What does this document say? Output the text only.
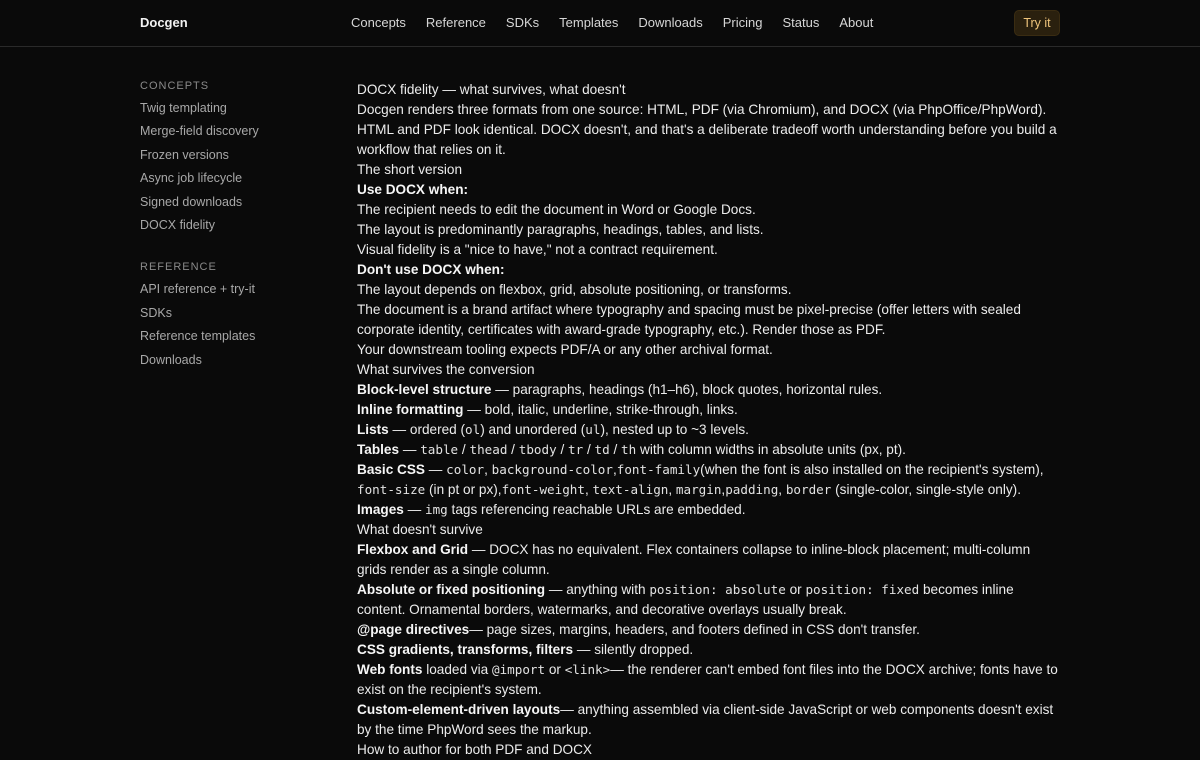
Docgen	Concepts Reference SDKs Templates Downloads Pricing Status About	Try it
CONCEPTS
Twig templating
Merge-field discovery
Frozen versions
Async job lifecycle
Signed downloads
DOCX fidelity
REFERENCE
API reference + try-it
SDKs
Reference templates
Downloads

DOCX fidelity — what survives, what doesn't

Docgen renders three formats from one source: HTML, PDF (via Chromium), and DOCX (via PhpOffice/PhpWord).

HTML and PDF look identical. DOCX doesn't, and that's a deliberate tradeoff worth understanding before you build a workflow that relies on it.

The short version

Use DOCX when:

The recipient needs to edit the document in Word or Google Docs.

The layout is predominantly paragraphs, headings, tables, and lists.

Visual fidelity is a "nice to have," not a contract requirement.

Don't use DOCX when:

The layout depends on flexbox, grid, absolute positioning, or transforms.

The document is a brand artifact where typography and spacing must be pixel-precise (offer letters with sealed corporate identity, certificates with award-grade typography, etc.). Render those as PDF.

Your downstream tooling expects PDF/A or any other archival format.

What survives the conversion

Block-level structure — paragraphs, headings (h1–h6), block quotes, horizontal rules.

Inline formatting — bold, italic, underline, strike-through, links.

Lists — ordered (ol) and unordered (ul), nested up to ~3 levels.

Tables — table / thead / tbody / tr / td / th with column widths in absolute units (px, pt).

Basic CSS — color, background-color,font-family(when the font is also installed on the recipient's system), font-size (in pt or px),font-weight, text-align, margin,padding, border (single-color, single-style only).

Images — img tags referencing reachable URLs are embedded.

What doesn't survive

Flexbox and Grid — DOCX has no equivalent. Flex containers collapse to inline-block placement; multi-column grids render as a single column.

Absolute or fixed positioning — anything with position: absolute or position: fixed becomes inline content. Ornamental borders, watermarks, and decorative overlays usually break.

@page directives— page sizes, margins, headers, and footers defined in CSS don't transfer.

CSS gradients, transforms, filters — silently dropped.

Web fonts loaded via @import or <link>— the renderer can't embed font files into the DOCX archive; fonts have to exist on the recipient's system.

Custom-element-driven layouts— anything assembled via client-side JavaScript or web components doesn't exist by the time PhpWord sees the markup.

How to author for both PDF and DOCX
